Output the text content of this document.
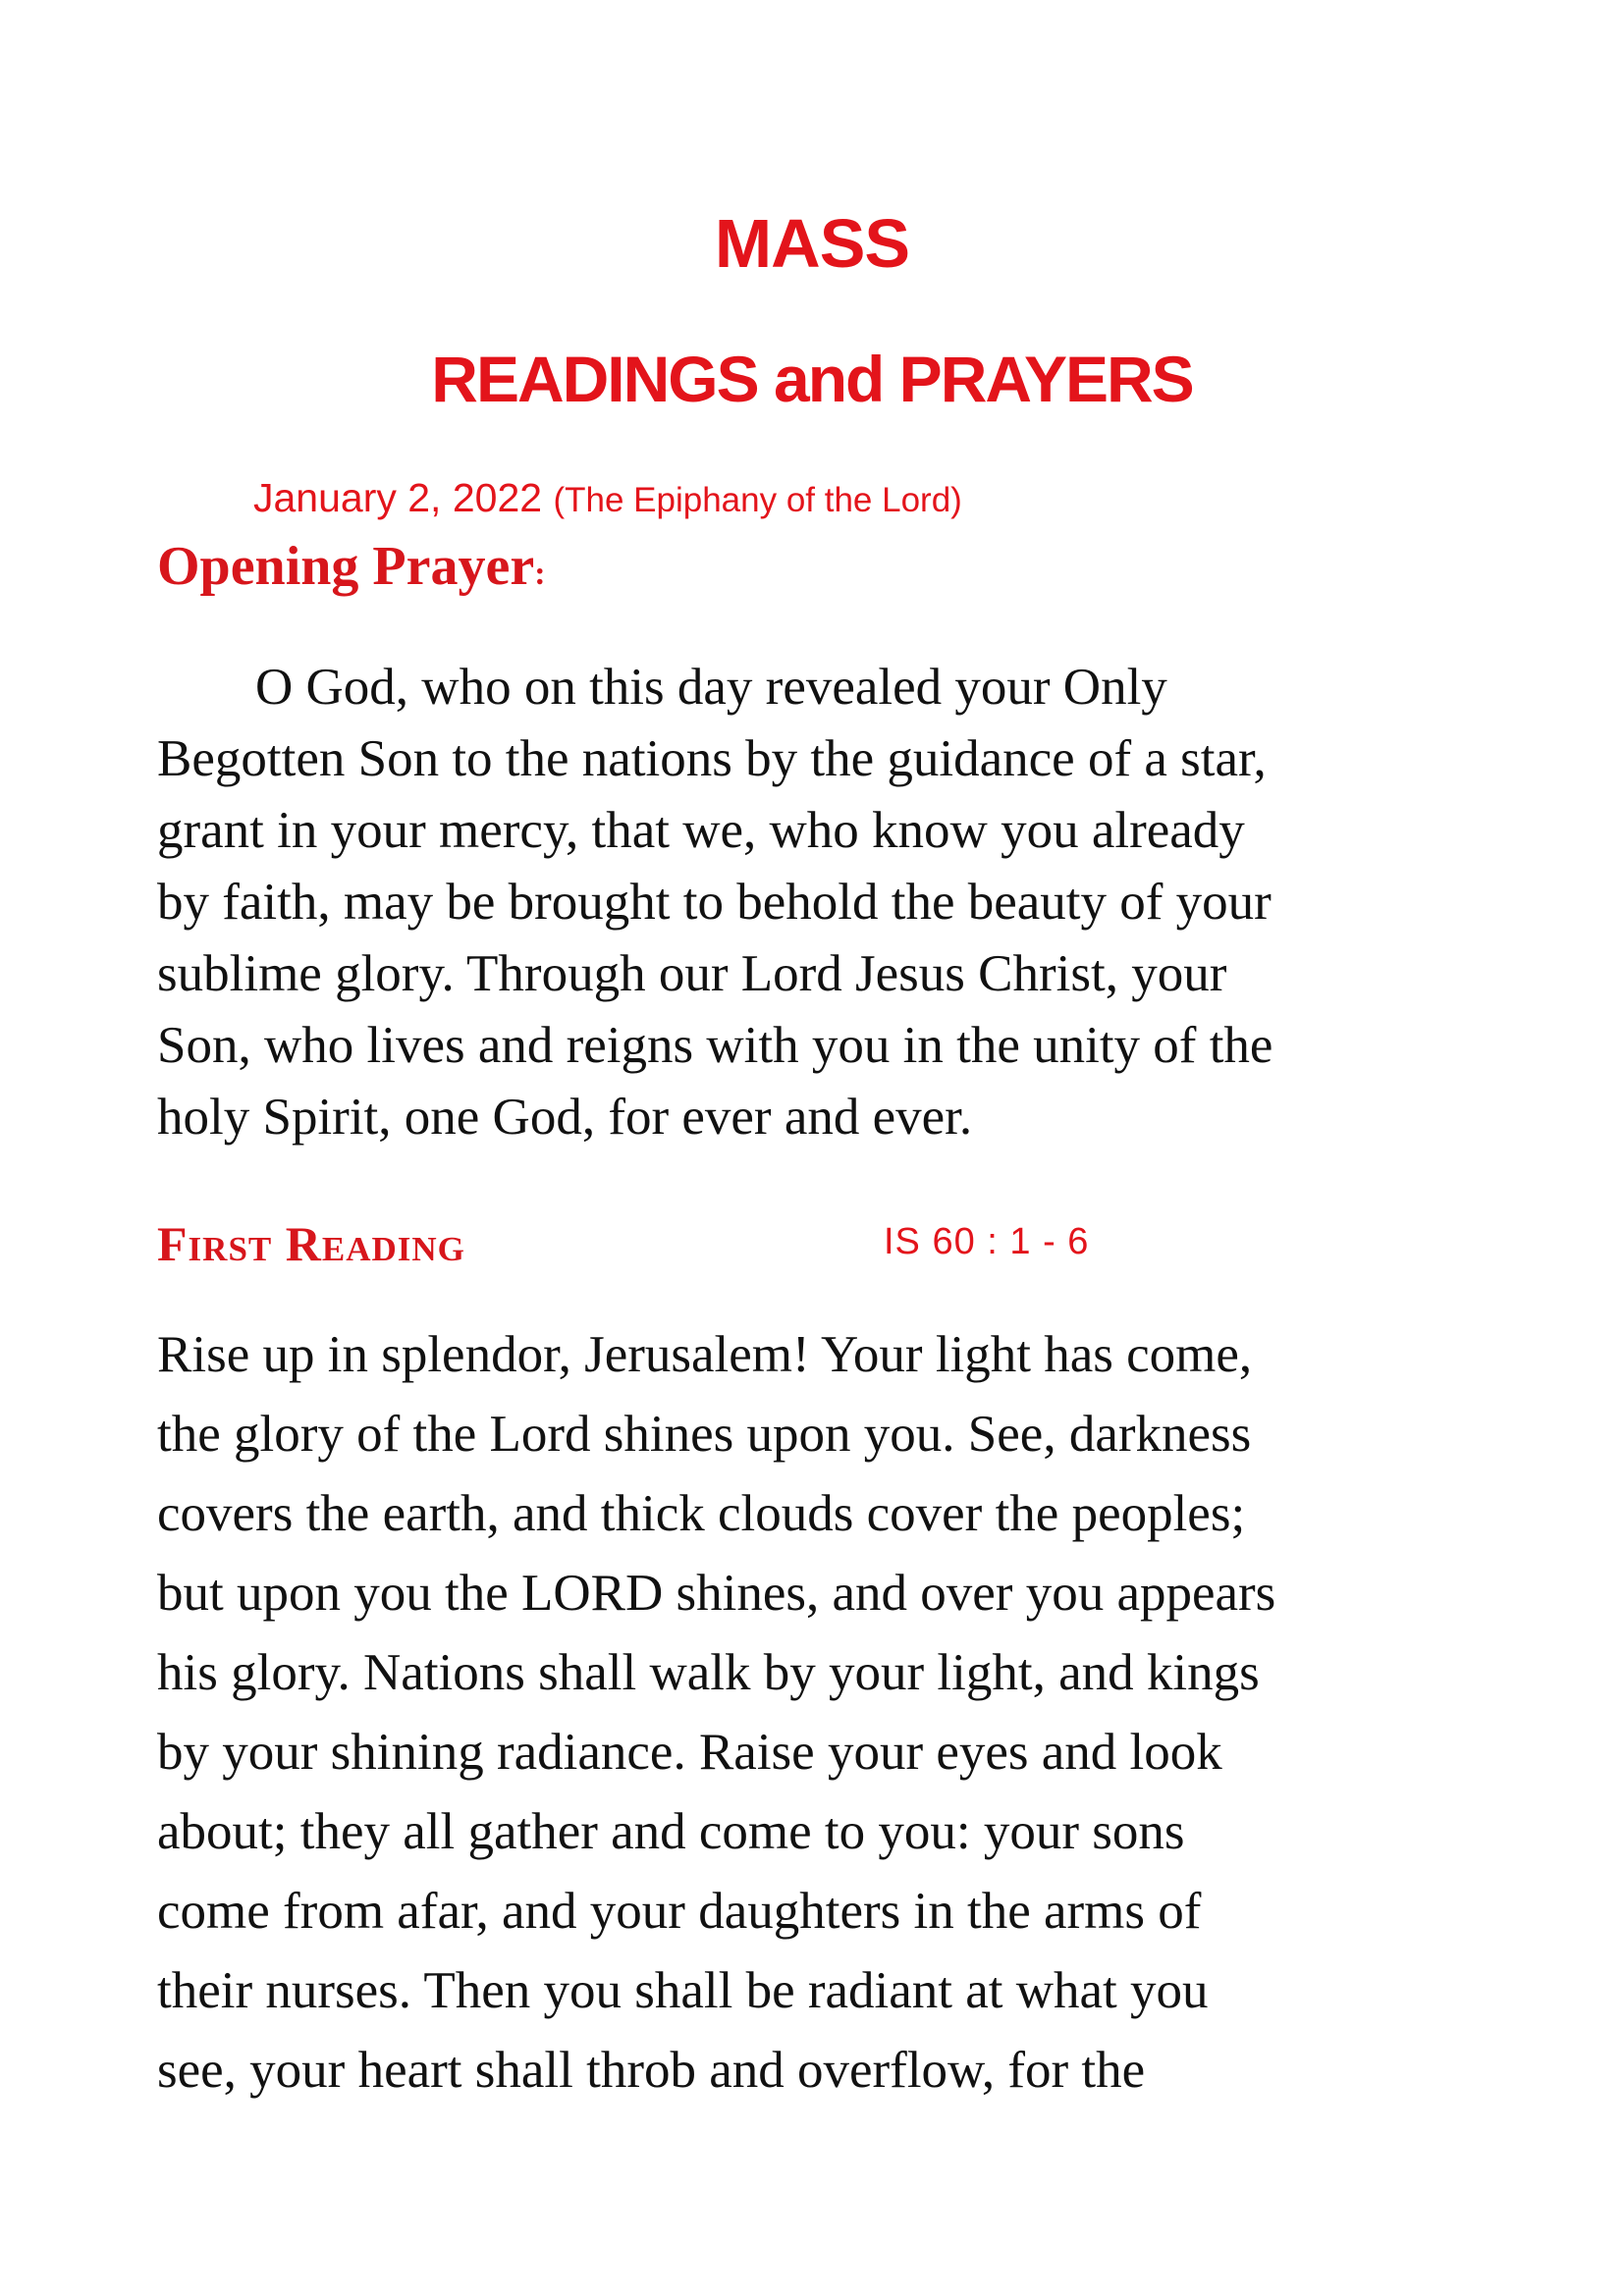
MASS
READINGS and PRAYERS
January 2, 2022 (The Epiphany of the Lord)
Opening Prayer:

O God, who on this day revealed your Only
Begotten Son to the nations by the guidance of a star,
grant in your mercy, that we, who know you already
by faith, may be brought to behold the beauty of your
sublime glory. Through our Lord Jesus Christ, your
Son, who lives and reigns with you in the unity of the
holy Spirit, one God, for ever and ever.

First Reading	IS 60 : 1 - 6

Rise up in splendor, Jerusalem! Your light has come,
the glory of the Lord shines upon you. See, darkness
covers the earth, and thick clouds cover the peoples;
but upon you the LORD shines, and over you appears
his glory. Nations shall walk by your light, and kings
by your shining radiance. Raise your eyes and look
about; they all gather and come to you: your sons
come from afar, and your daughters in the arms of
their nurses. Then you shall be radiant at what you
see, your heart shall throb and overflow, for the
